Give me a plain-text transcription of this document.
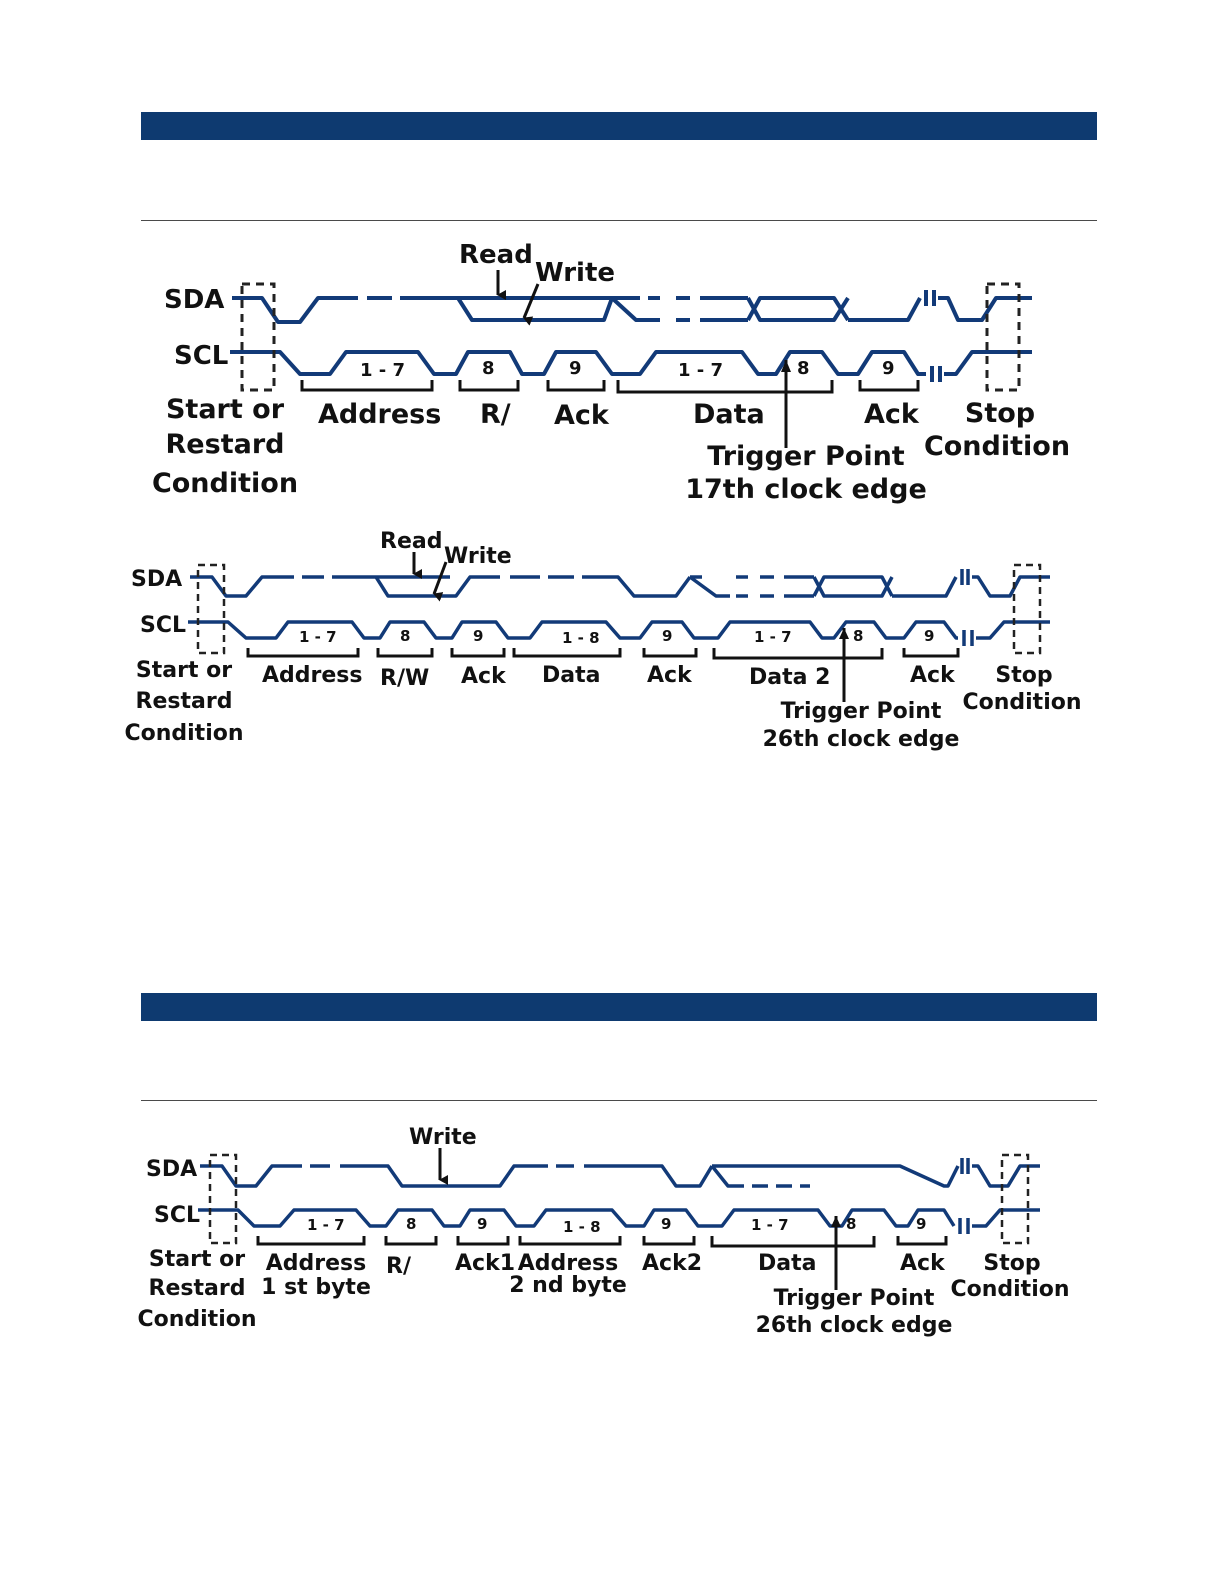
SDA
SCL
Read
Write
1 - 7	8	9	1 - 7	8	9
Address R/ Ack	Data	Ack
Start or
Restard
Condition
Stop
Condition
Trigger Point
17th clock edge
SDA
SCL
Read
Write
1 - 7	8	9	1 - 8	9	1 - 7	8	9
Address R/W Ack Data Ack	Data 2	Ack
Start or
Restard
Condition
Stop
Condition
Trigger Point
26th clock edge
SDA
SCL
Write
1 - 7	8	9	1 - 8	9	1 - 7	8	9
Address
1 st byte
R/ Ack1 Address
2 nd byte
Ack2	Data	Ack
Start or
Restard
Condition
Stop
Condition
Trigger Point
26th clock edge
